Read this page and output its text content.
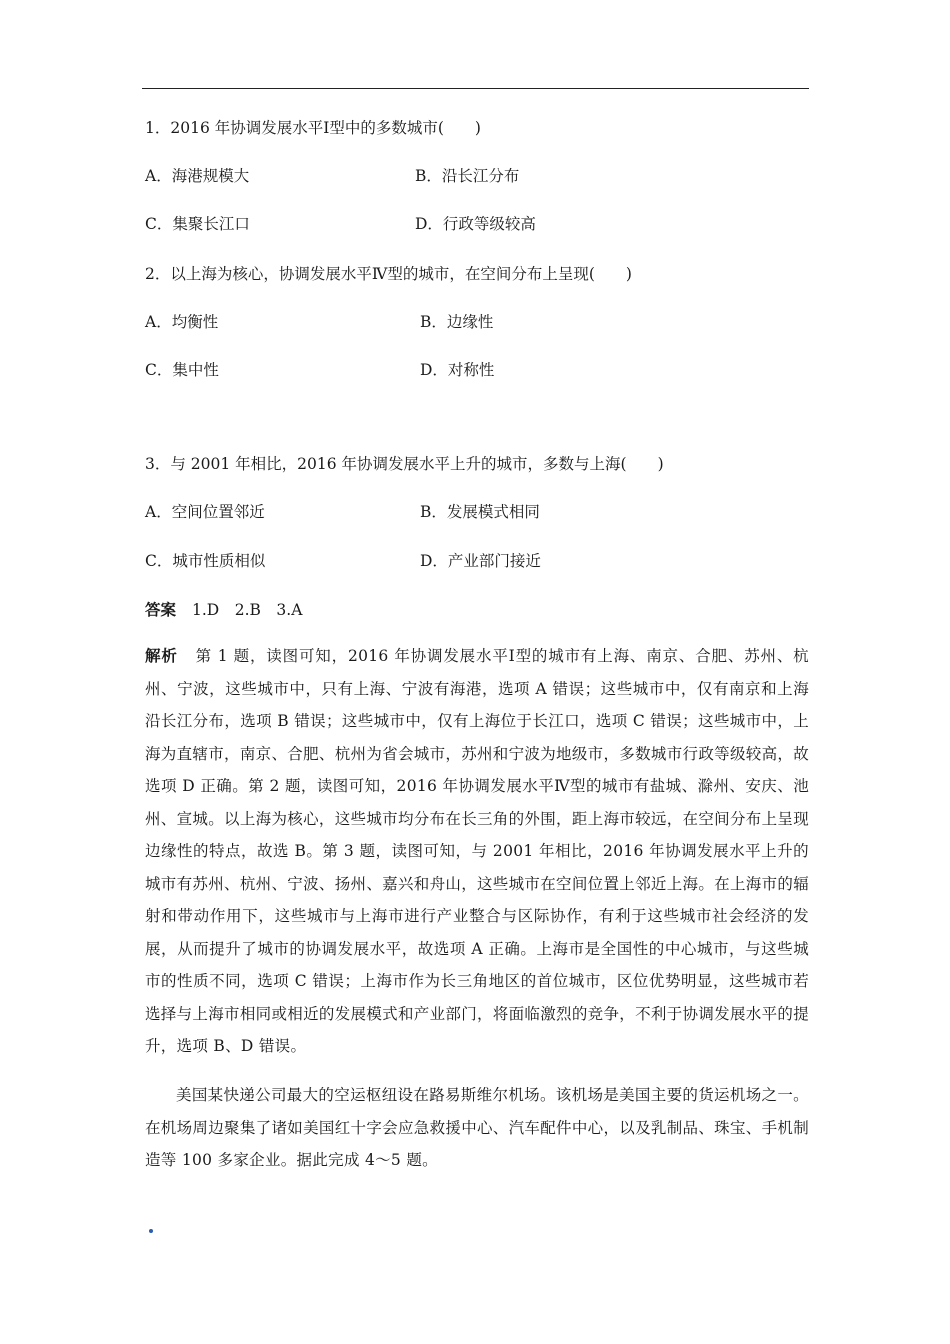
1．2016 年协调发展水平Ⅰ型中的多数城市(　　)
A．海港规模大	B．沿长江分布
C．集聚长江口	D．行政等级较高
2．以上海为核心，协调发展水平Ⅳ型的城市，在空间分布上呈现(　　)
A．均衡性	B．边缘性
C．集中性	D．对称性
3．与 2001 年相比，2016 年协调发展水平上升的城市，多数与上海(　　)
A．空间位置邻近	B．发展模式相同
C．城市性质相似	D．产业部门接近
答案 1.D　2.B　3.A

解析 第 1 题，读图可知，2016 年协调发展水平Ⅰ型的城市有上海、南京、合肥、苏州、杭州、宁波，这些城市中，只有上海、宁波有海港，选项 A 错误；这些城市中，仅有南京和上海沿长江分布，选项 B 错误；这些城市中，仅有上海位于长江口，选项 C 错误；这些城市中，上海为直辖市，南京、合肥、杭州为省会城市，苏州和宁波为地级市，多数城市行政等级较高，故选项 D 正确。第 2 题，读图可知，2016 年协调发展水平Ⅳ型的城市有盐城、滁州、安庆、池州、宣城。以上海为核心，这些城市均分布在长三角的外围，距上海市较远，在空间分布上呈现边缘性的特点，故选 B。第 3 题，读图可知，与 2001 年相比，2016 年协调发展水平上升的城市有苏州、杭州、宁波、扬州、嘉兴和舟山，这些城市在空间位置上邻近上海。在上海市的辐射和带动作用下，这些城市与上海市进行产业整合与区际协作，有利于这些城市社会经济的发展，从而提升了城市的协调发展水平，故选项 A 正确。上海市是全国性的中心城市，与这些城市的性质不同，选项 C 错误；上海市作为长三角地区的首位城市，区位优势明显，这些城市若选择与上海市相同或相近的发展模式和产业部门，将面临激烈的竞争，不利于协调发展水平的提升，选项 B、D 错误。

美国某快递公司最大的空运枢纽设在路易斯维尔机场。该机场是美国主要的货运机场之一。在机场周边聚集了诸如美国红十字会应急救援中心、汽车配件中心，以及乳制品、珠宝、手机制造等 100 多家企业。据此完成 4～5 题。
